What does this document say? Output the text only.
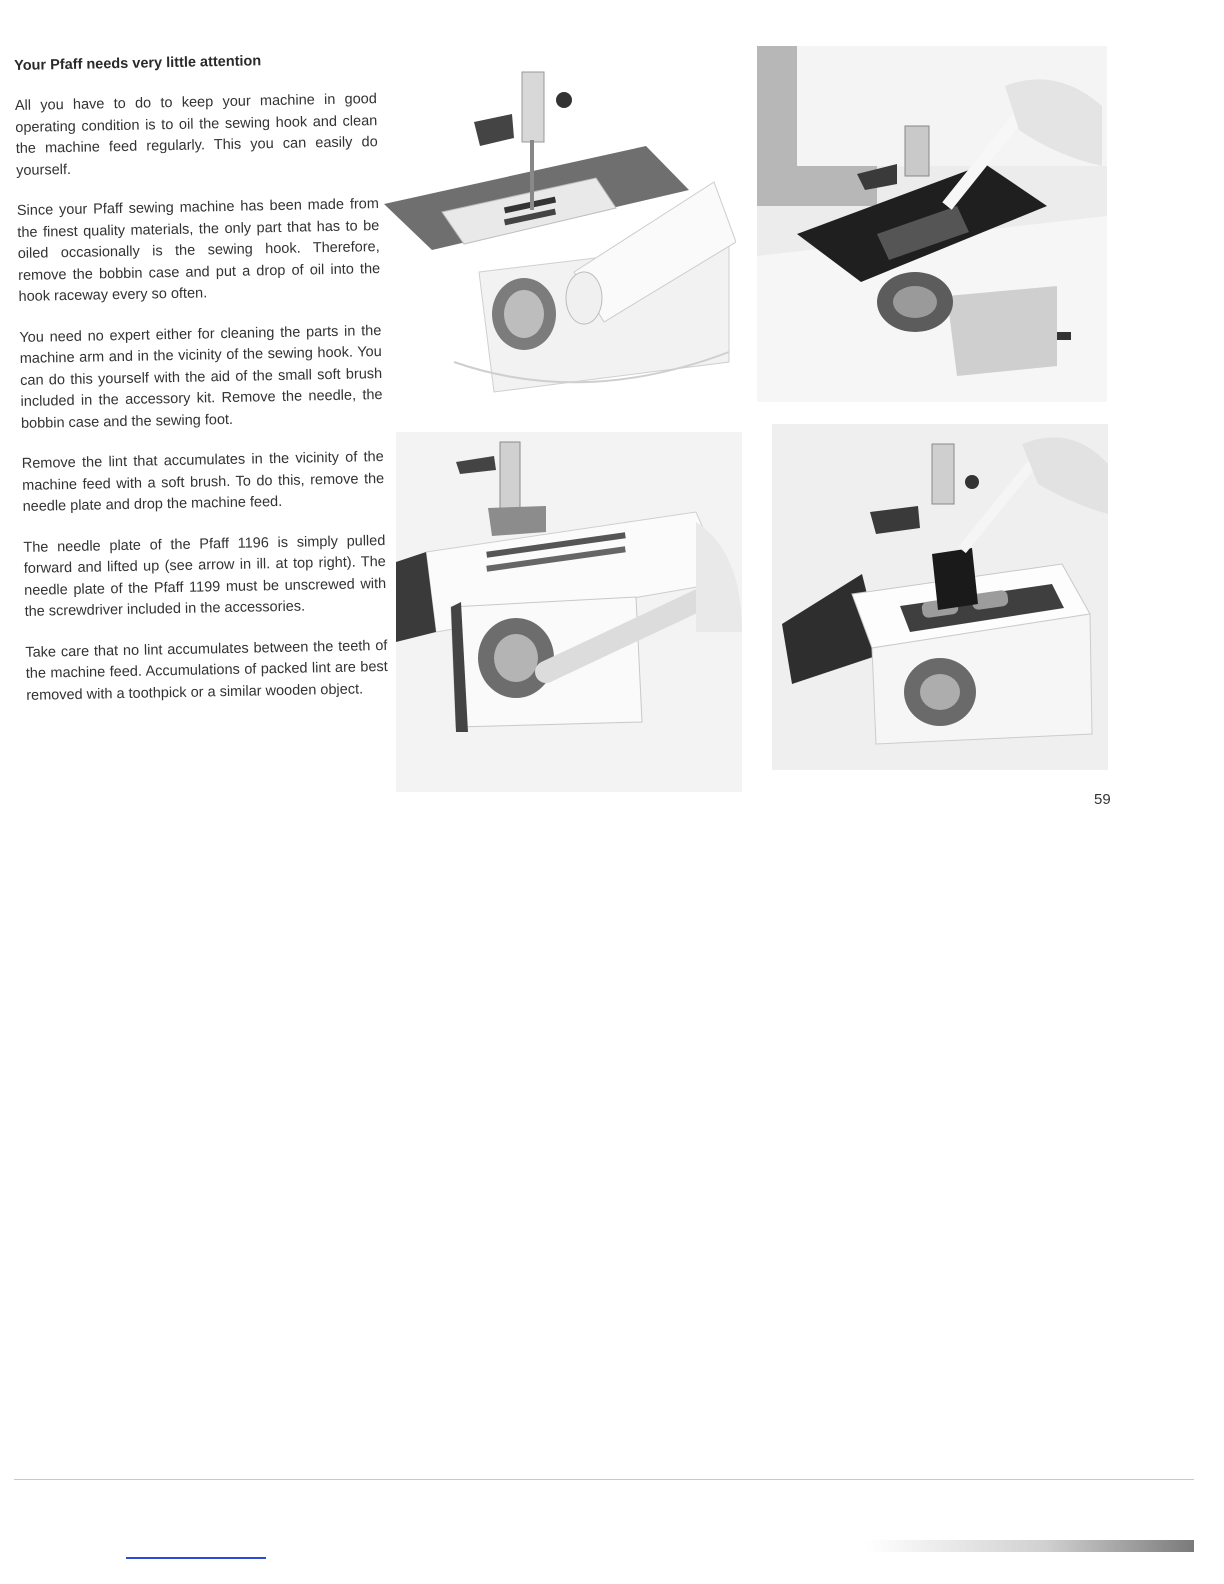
Your Pfaff needs very little attention

All you have to do to keep your machine in good operating condition is to oil the sewing hook and clean the machine feed regularly. This you can easily do yourself.

Since your Pfaff sewing machine has been made from the finest quality materials, the only part that has to be oiled occasionally is the sewing hook. Therefore, remove the bobbin case and put a drop of oil into the hook raceway every so often.

You need no expert either for cleaning the parts in the machine arm and in the vicinity of the sewing hook. You can do this yourself with the aid of the small soft brush included in the accessory kit. Remove the needle, the bobbin case and the sewing foot.

Remove the lint that accumulates in the vicinity of the machine feed with a soft brush. To do this, remove the needle plate and drop the machine feed.

The needle plate of the Pfaff 1196 is simply pulled forward and lifted up (see arrow in ill. at top right). The needle plate of the Pfaff 1199 must be unscrewed with the screwdriver included in the accessories.

Take care that no lint accumulates between the teeth of the machine feed. Accumulations of packed lint are best removed with a toothpick or a similar wooden object.

59
